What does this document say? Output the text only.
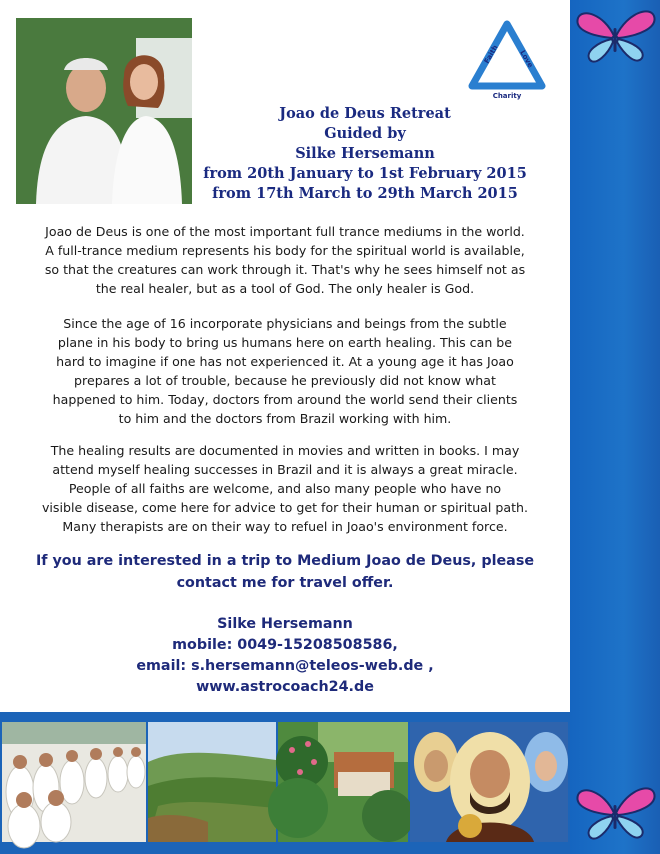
Faith	Love
Charity
Joao de Deus Retreat
Guided by
Silke Hersemann
from 20th January to 1st February 2015
from 17th March to 29th March 2015
Joao de Deus is one of the most important full trance mediums in the world.
A full-trance medium represents his body for the spiritual world is available,
so that the creatures can work through it. That's why he sees himself not as
the real healer, but as a tool of God. The only healer is God.
Since the age of 16 incorporate physicians and beings from the subtle
plane in his body to bring us humans here on earth healing. This can be
hard to imagine if one has not experienced it. At a young age it has Joao
prepares a lot of trouble, because he previously did not know what
happened to him. Today, doctors from around the world send their clients
to him and the doctors from Brazil working with him.
The healing results are documented in movies and written in books. I may
attend myself healing successes in Brazil and it is always a great miracle.
People of all faiths are welcome, and also many people who have no
visible disease, come here for advice to get for their human or spiritual path.
Many therapists are on their way to refuel in Joao's environment force.
If you are interested in a trip to Medium Joao de Deus, please
contact me for travel offer.
Silke Hersemann
mobile: 0049-15208508586,
email: s.hersemann@teleos-web.de ,
www.astrocoach24.de
